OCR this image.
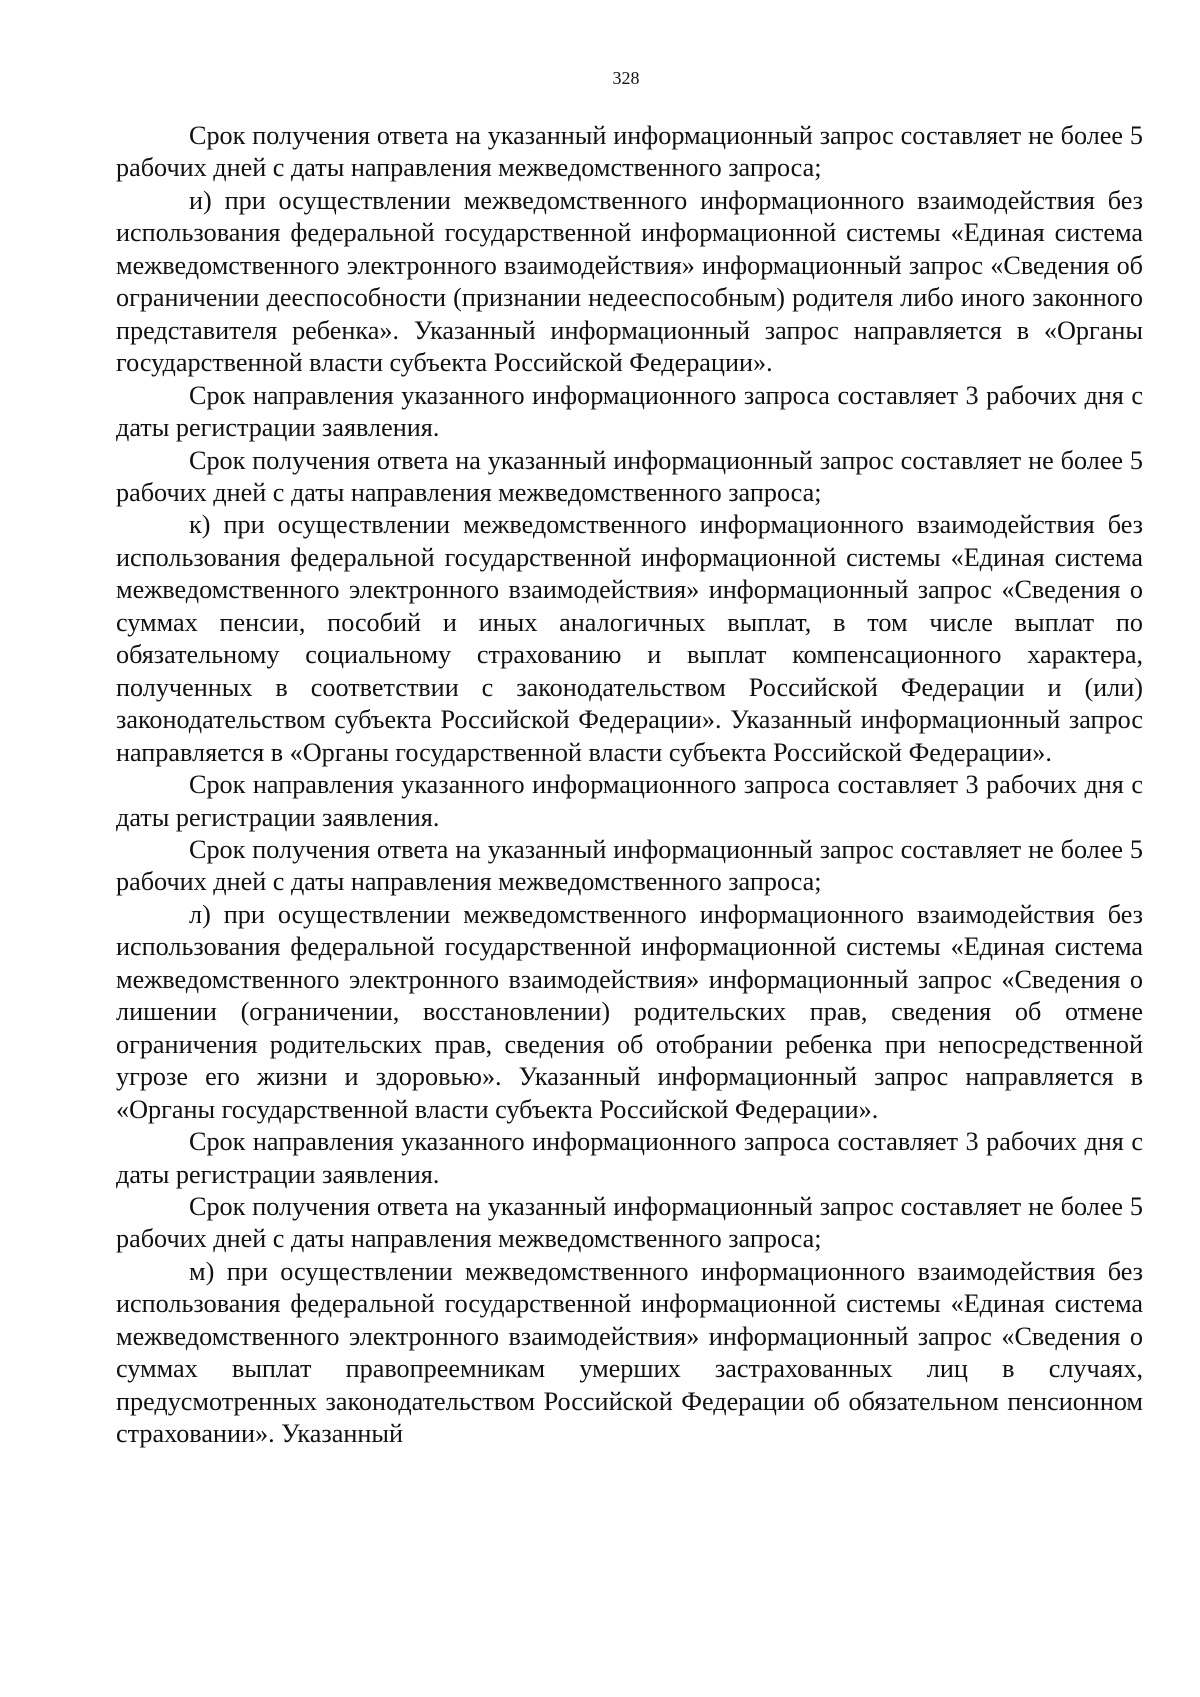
328

Срок получения ответа на указанный информационный запрос составляет не более 5 рабочих дней с даты направления межведомственного запроса;

и) при осуществлении межведомственного информационного взаимодействия без использования федеральной государственной информационной системы «Единая система межведомственного электронного взаимодействия» информационный запрос «Сведения об ограничении дееспособности (признании недееспособным) родителя либо иного законного представителя ребенка». Указанный информационный запрос направляется в «Органы государственной власти субъекта Российской Федерации».

Срок направления указанного информационного запроса составляет 3 рабочих дня с даты регистрации заявления.

Срок получения ответа на указанный информационный запрос составляет не более 5 рабочих дней с даты направления межведомственного запроса;

к) при осуществлении межведомственного информационного взаимодействия без использования федеральной государственной информационной системы «Единая система межведомственного электронного взаимодействия» информационный запрос «Сведения о суммах пенсии, пособий и иных аналогичных выплат, в том числе выплат по обязательному социальному страхованию и выплат компенсационного характера, полученных в соответствии с законодательством Российской Федерации и (или) законодательством субъекта Российской Федерации». Указанный информационный запрос направляется в «Органы государственной власти субъекта Российской Федерации».

Срок направления указанного информационного запроса составляет 3 рабочих дня с даты регистрации заявления.

Срок получения ответа на указанный информационный запрос составляет не более 5 рабочих дней с даты направления межведомственного запроса;

л) при осуществлении межведомственного информационного взаимодействия без использования федеральной государственной информационной системы «Единая система межведомственного электронного взаимодействия» информационный запрос «Сведения о лишении (ограничении, восстановлении) родительских прав, сведения об отмене ограничения родительских прав, сведения об отобрании ребенка при непосредственной угрозе его жизни и здоровью». Указанный информационный запрос направляется в «Органы государственной власти субъекта Российской Федерации».

Срок направления указанного информационного запроса составляет 3 рабочих дня с даты регистрации заявления.

Срок получения ответа на указанный информационный запрос составляет не более 5 рабочих дней с даты направления межведомственного запроса;

м) при осуществлении межведомственного информационного взаимодействия без использования федеральной государственной информационной системы «Единая система межведомственного электронного взаимодействия» информационный запрос «Сведения о суммах выплат правопреемникам умерших застрахованных лиц в случаях, предусмотренных законодательством Российской Федерации об обязательном пенсионном страховании». Указанный
